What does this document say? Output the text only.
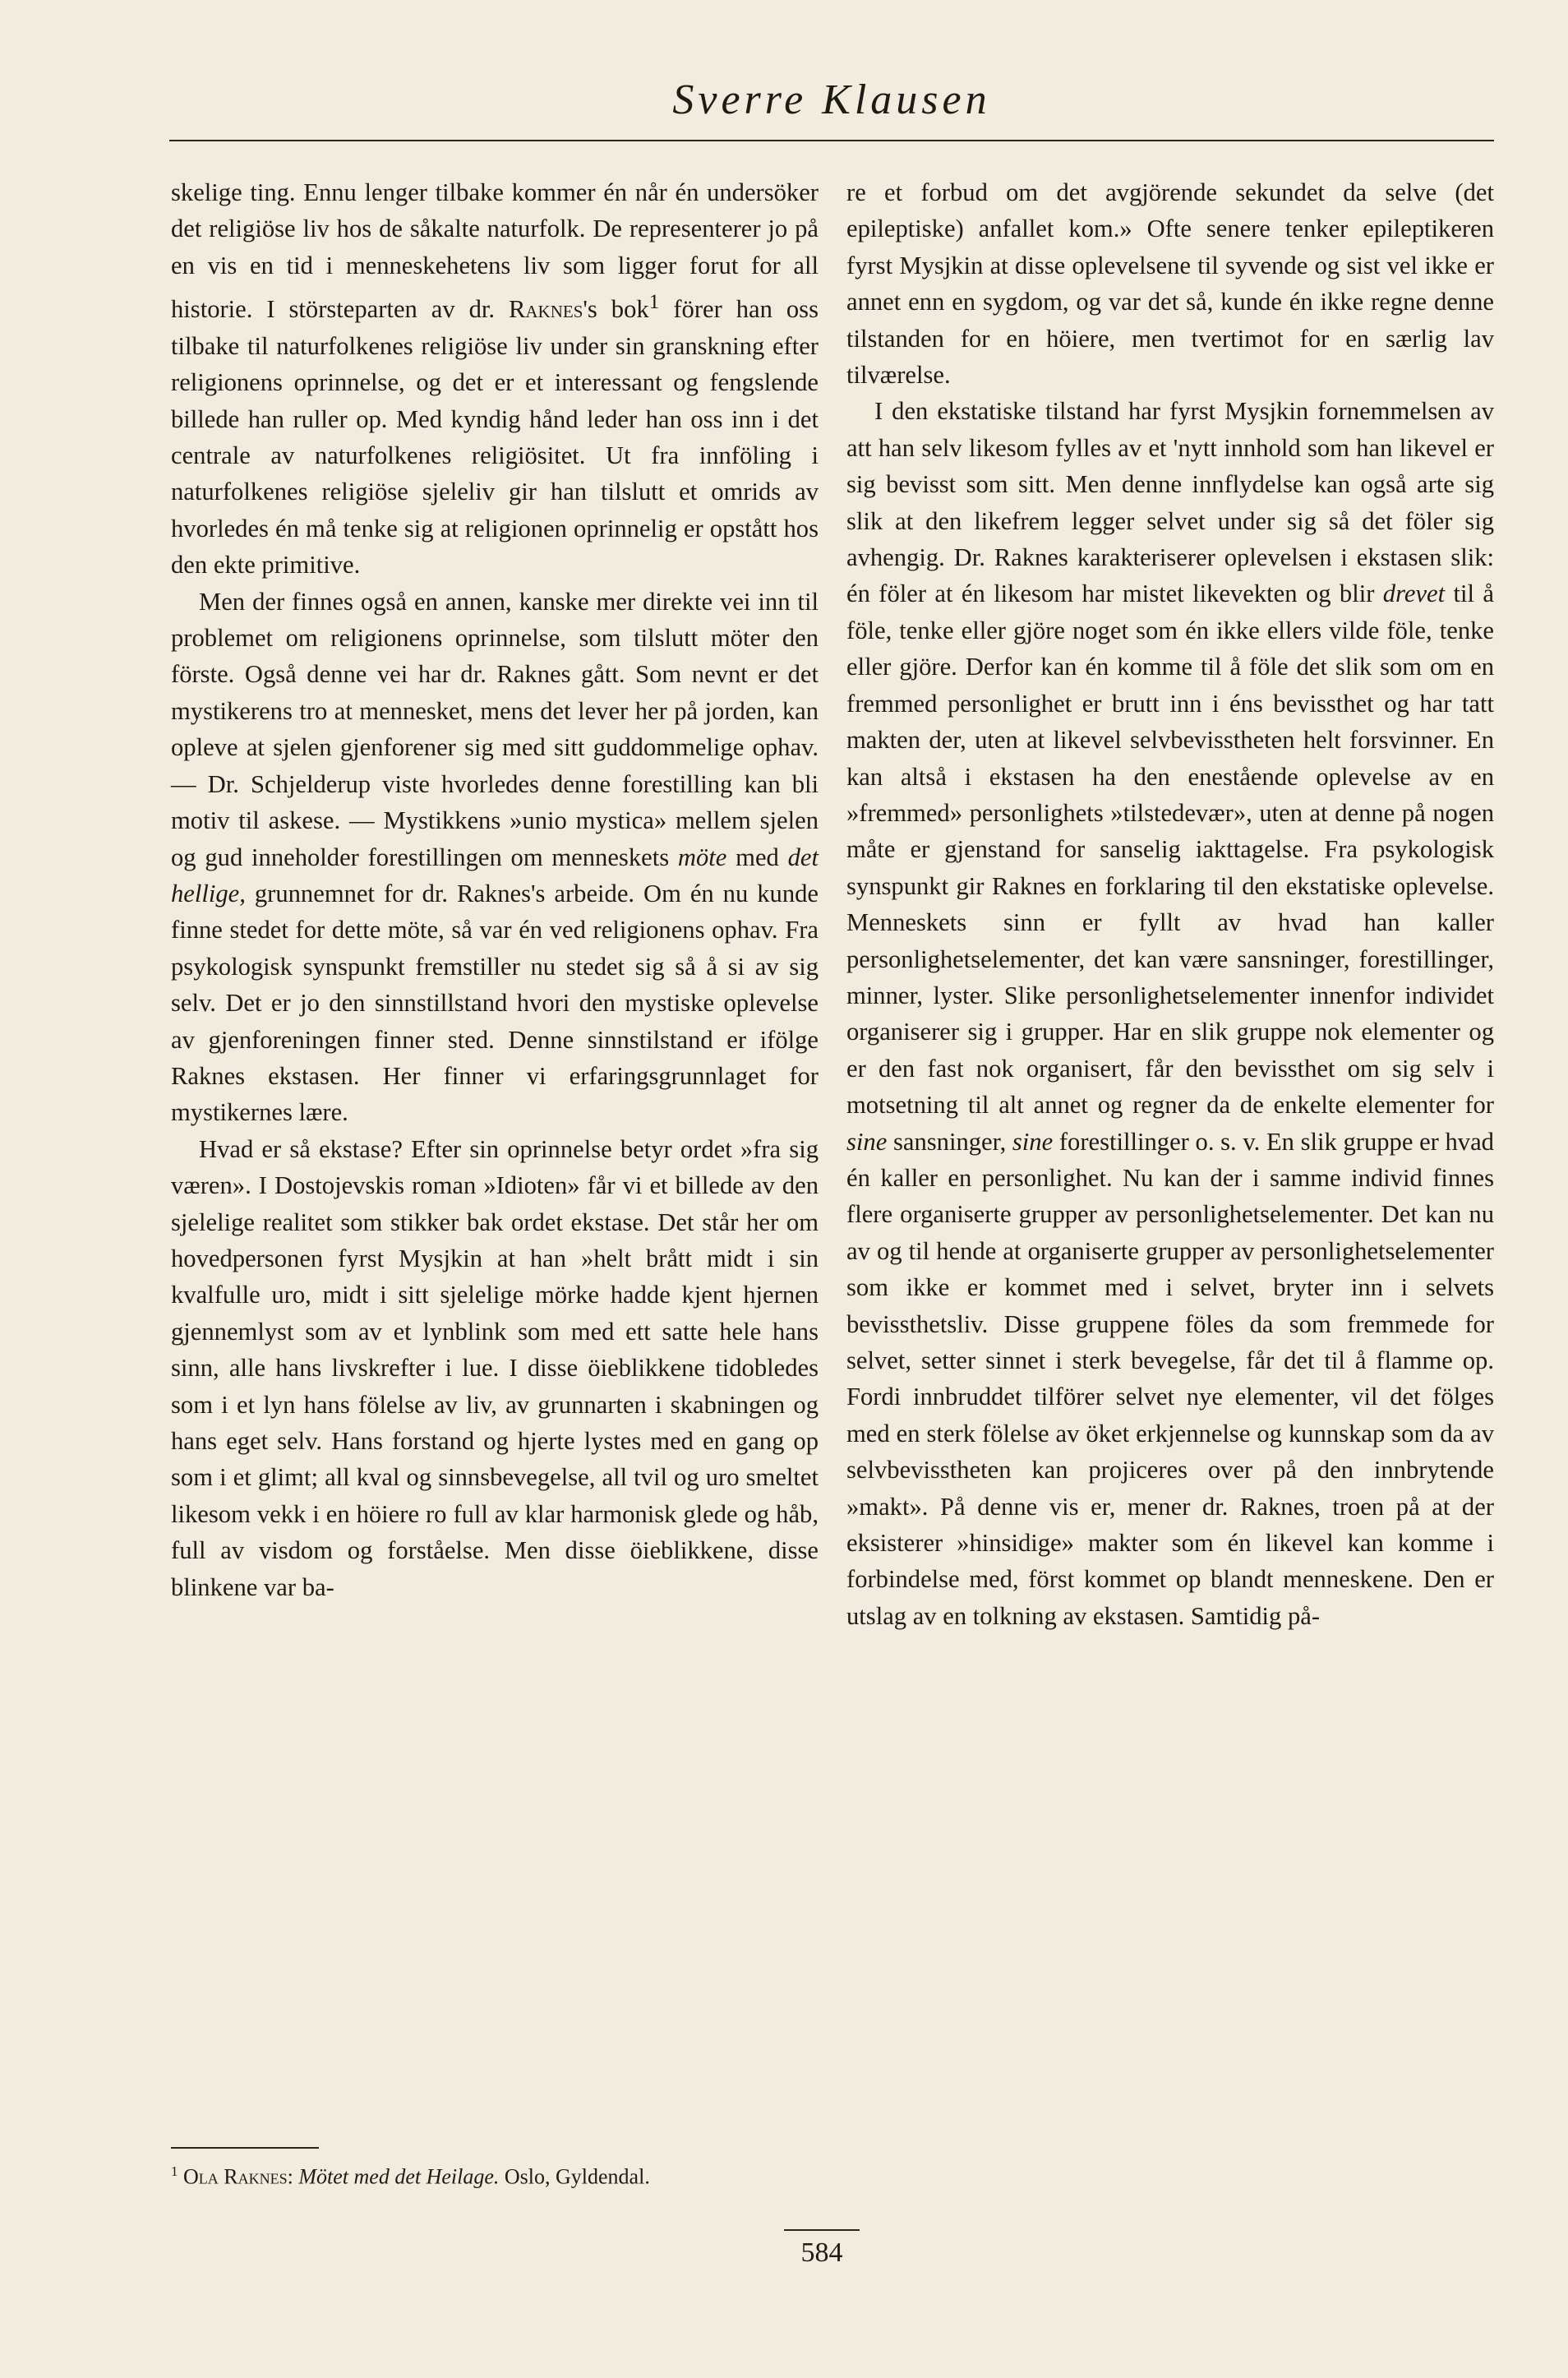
Sverre Klausen

skelige ting. Ennu lenger tilbake kommer én når én undersöker det religiöse liv hos de såkalte naturfolk. De representerer jo på en vis en tid i menneskehetens liv som ligger forut for all historie. I störsteparten av dr. Raknes's bok$^1$ förer han oss tilbake til naturfolkenes religiöse liv under sin granskning efter religionens oprinnelse, og det er et interessant og fengslende billede han ruller op. Med kyndig hånd leder han oss inn i det centrale av naturfolkenes religiösitet. Ut fra innföling i naturfolkenes religiöse sjeleliv gir han tilslutt et omrids av hvorledes én må tenke sig at religionen oprinnelig er opstått hos den ekte primitive.

Men der finnes også en annen, kanske mer direkte vei inn til problemet om religionens oprinnelse, som tilslutt möter den förste. Også denne vei har dr. Raknes gått. Som nevnt er det mystikerens tro at mennesket, mens det lever her på jorden, kan opleve at sjelen gjenforener sig med sitt guddommelige ophav. — Dr. Schjelderup viste hvorledes denne forestilling kan bli motiv til askese. — Mystikkens »unio mystica» mellem sjelen og gud inneholder forestillingen om menneskets möte med det hellige, grunnemnet for dr. Raknes's arbeide. Om én nu kunde finne stedet for dette möte, så var én ved religionens ophav. Fra psykologisk synspunkt fremstiller nu stedet sig så å si av sig selv. Det er jo den sinnstillstand hvori den mystiske oplevelse av gjenforeningen finner sted. Denne sinnstilstand er ifölge Raknes ekstasen. Her finner vi erfaringsgrunnlaget for mystikernes lære.

Hvad er så ekstase? Efter sin oprinnelse betyr ordet »fra sig væren». I Dostojevskis roman »Idioten» får vi et billede av den sjelelige realitet som stikker bak ordet ekstase. Det står her om hovedpersonen fyrst Mysjkin at han »helt brått midt i sin kvalfulle uro, midt i sitt sjelelige mörke hadde kjent hjernen gjennemlyst som av et lynblink som med ett satte hele hans sinn, alle hans livskrefter i lue. I disse öieblikkene tidobledes som i et lyn hans fölelse av liv, av grunnarten i skabningen og hans eget selv. Hans forstand og hjerte lystes med en gang op som i et glimt; all kval og sinnsbevegelse, all tvil og uro smeltet likesom vekk i en höiere ro full av klar harmonisk glede og håb, full av visdom og forståelse. Men disse öieblikkene, disse blinkene var ba-

re et forbud om det avgjörende sekundet da selve (det epileptiske) anfallet kom.» Ofte senere tenker epileptikeren fyrst Mysjkin at disse oplevelsene til syvende og sist vel ikke er annet enn en sygdom, og var det så, kunde én ikke regne denne tilstanden for en höiere, men tvertimot for en særlig lav tilværelse.

I den ekstatiske tilstand har fyrst Mysjkin fornemmelsen av att han selv likesom fylles av et 'nytt innhold som han likevel er sig bevisst som sitt. Men denne innflydelse kan også arte sig slik at den likefrem legger selvet under sig så det föler sig avhengig. Dr. Raknes karakteriserer oplevelsen i ekstasen slik: én föler at én likesom har mistet likevekten og blir drevet til å föle, tenke eller gjöre noget som én ikke ellers vilde föle, tenke eller gjöre. Derfor kan én komme til å föle det slik som om en fremmed personlighet er brutt inn i éns bevissthet og har tatt makten der, uten at likevel selvbevisstheten helt forsvinner. En kan altså i ekstasen ha den enestående oplevelse av en »fremmed» personlighets »tilstedevær», uten at denne på nogen måte er gjenstand for sanselig iakttagelse. Fra psykologisk synspunkt gir Raknes en forklaring til den ekstatiske oplevelse. Menneskets sinn er fyllt av hvad han kaller personlighetselementer, det kan være sansninger, forestillinger, minner, lyster. Slike personlighetselementer innenfor individet organiserer sig i grupper. Har en slik gruppe nok elementer og er den fast nok organisert, får den bevissthet om sig selv i motsetning til alt annet og regner da de enkelte elementer for sine sansninger, sine forestillinger o. s. v. En slik gruppe er hvad én kaller en personlighet. Nu kan der i samme individ finnes flere organiserte grupper av personlighetselementer. Det kan nu av og til hende at organiserte grupper av personlighetselementer som ikke er kommet med i selvet, bryter inn i selvets bevissthetsliv. Disse gruppene föles da som fremmede for selvet, setter sinnet i sterk bevegelse, får det til å flamme op. Fordi innbruddet tilförer selvet nye elementer, vil det fölges med en sterk fölelse av öket erkjennelse og kunnskap som da av selvbevisstheten kan projiceres over på den innbrytende »makt». På denne vis er, mener dr. Raknes, troen på at der eksisterer »hinsidige» makter som én likevel kan komme i forbindelse med, först kommet op blandt menneskene. Den er utslag av en tolkning av ekstasen. Samtidig på-

$^1$ Ola Raknes: Mötet med det Heilage. Oslo, Gyldendal.
584
